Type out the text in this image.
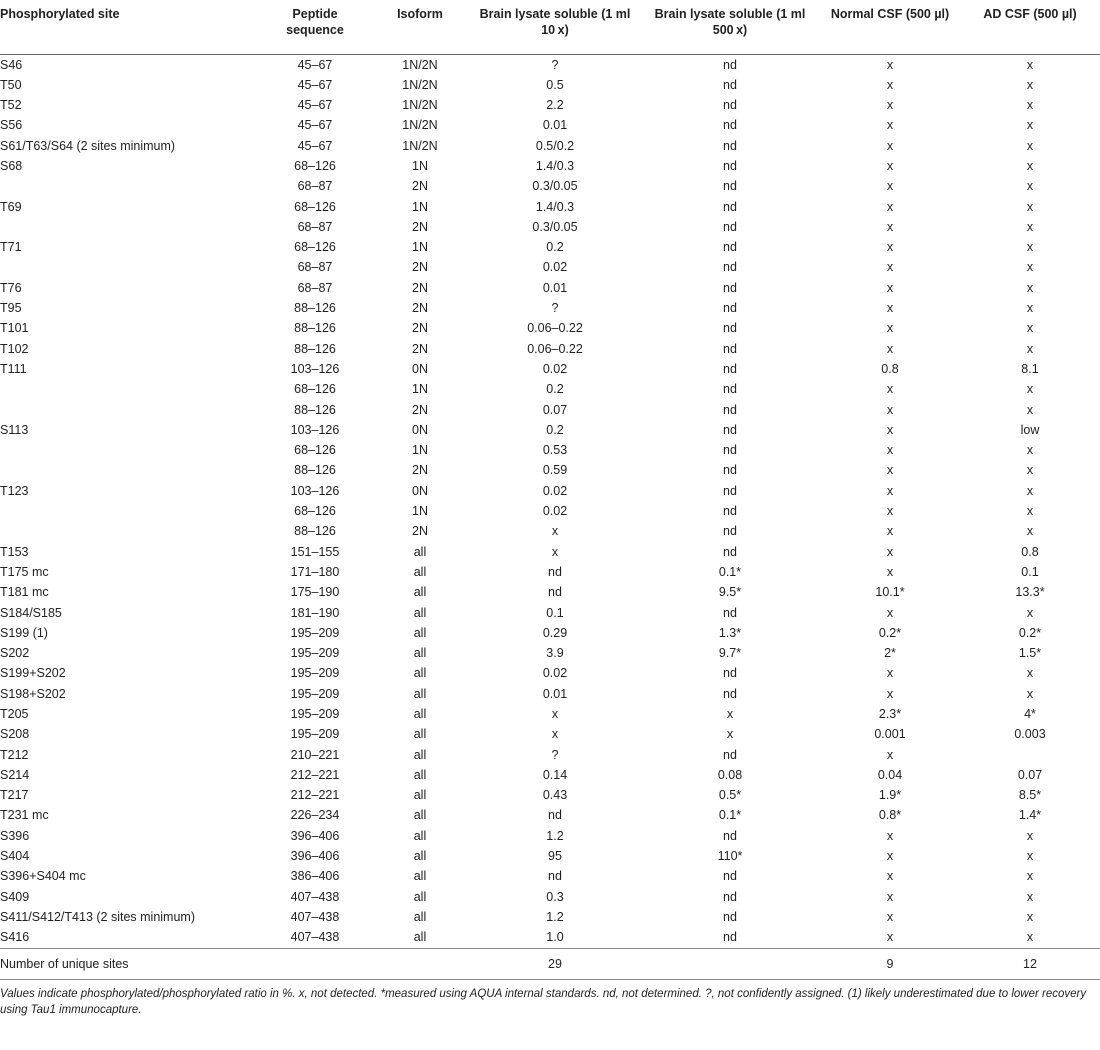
Phosphorylated site	Peptide sequence	Isoform	Brain lysate soluble (1 ml 10 x)	Brain lysate soluble (1 ml 500 x)	Normal CSF (500 µl)	AD CSF (500 µl)
S46	45–67	1N/2N	?	nd	x	x
T50	45–67	1N/2N	0.5	nd	x	x
T52	45–67	1N/2N	2.2	nd	x	x
S56	45–67	1N/2N	0.01	nd	x	x
S61/T63/S64 (2 sites minimum)	45–67	1N/2N	0.5/0.2	nd	x	x
S68	68–126	1N	1.4/0.3	nd	x	x
	68–87	2N	0.3/0.05	nd	x	x
T69	68–126	1N	1.4/0.3	nd	x	x
	68–87	2N	0.3/0.05	nd	x	x
T71	68–126	1N	0.2	nd	x	x
	68–87	2N	0.02	nd	x	x
T76	68–87	2N	0.01	nd	x	x
T95	88–126	2N	?	nd	x	x
T101	88–126	2N	0.06–0.22	nd	x	x
T102	88–126	2N	0.06–0.22	nd	x	x
T111	103–126	0N	0.02	nd	0.8	8.1
	68–126	1N	0.2	nd	x	x
	88–126	2N	0.07	nd	x	x
S113	103–126	0N	0.2	nd	x	low
	68–126	1N	0.53	nd	x	x
	88–126	2N	0.59	nd	x	x
T123	103–126	0N	0.02	nd	x	x
	68–126	1N	0.02	nd	x	x
	88–126	2N	x	nd	x	x
T153	151–155	all	x	nd	x	0.8
T175 mc	171–180	all	nd	0.1*	x	0.1
T181 mc	175–190	all	nd	9.5*	10.1*	13.3*
S184/S185	181–190	all	0.1	nd	x	x
S199 (1)	195–209	all	0.29	1.3*	0.2*	0.2*
S202	195–209	all	3.9	9.7*	2*	1.5*
S199+S202	195–209	all	0.02	nd	x	x
S198+S202	195–209	all	0.01	nd	x	x
T205	195–209	all	x	x	2.3*	4*
S208	195–209	all	x	x	0.001	0.003
T212	210–221	all	?	nd	x	
S214	212–221	all	0.14	0.08	0.04	0.07
T217	212–221	all	0.43	0.5*	1.9*	8.5*
T231 mc	226–234	all	nd	0.1*	0.8*	1.4*
S396	396–406	all	1.2	nd	x	x
S404	396–406	all	95	110*	x	x
S396+S404 mc	386–406	all	nd	nd	x	x
S409	407–438	all	0.3	nd	x	x
S411/S412/T413 (2 sites minimum)	407–438	all	1.2	nd	x	x
S416	407–438	all	1.0	nd	x	x
Number of unique sites			29		9	12
Values indicate phosphorylated/phosphorylated ratio in %. x, not detected. *measured using AQUA internal standards. nd, not determined. ?, not confidently assigned. (1) likely underestimated due to lower recovery using Tau1 immunocapture.
